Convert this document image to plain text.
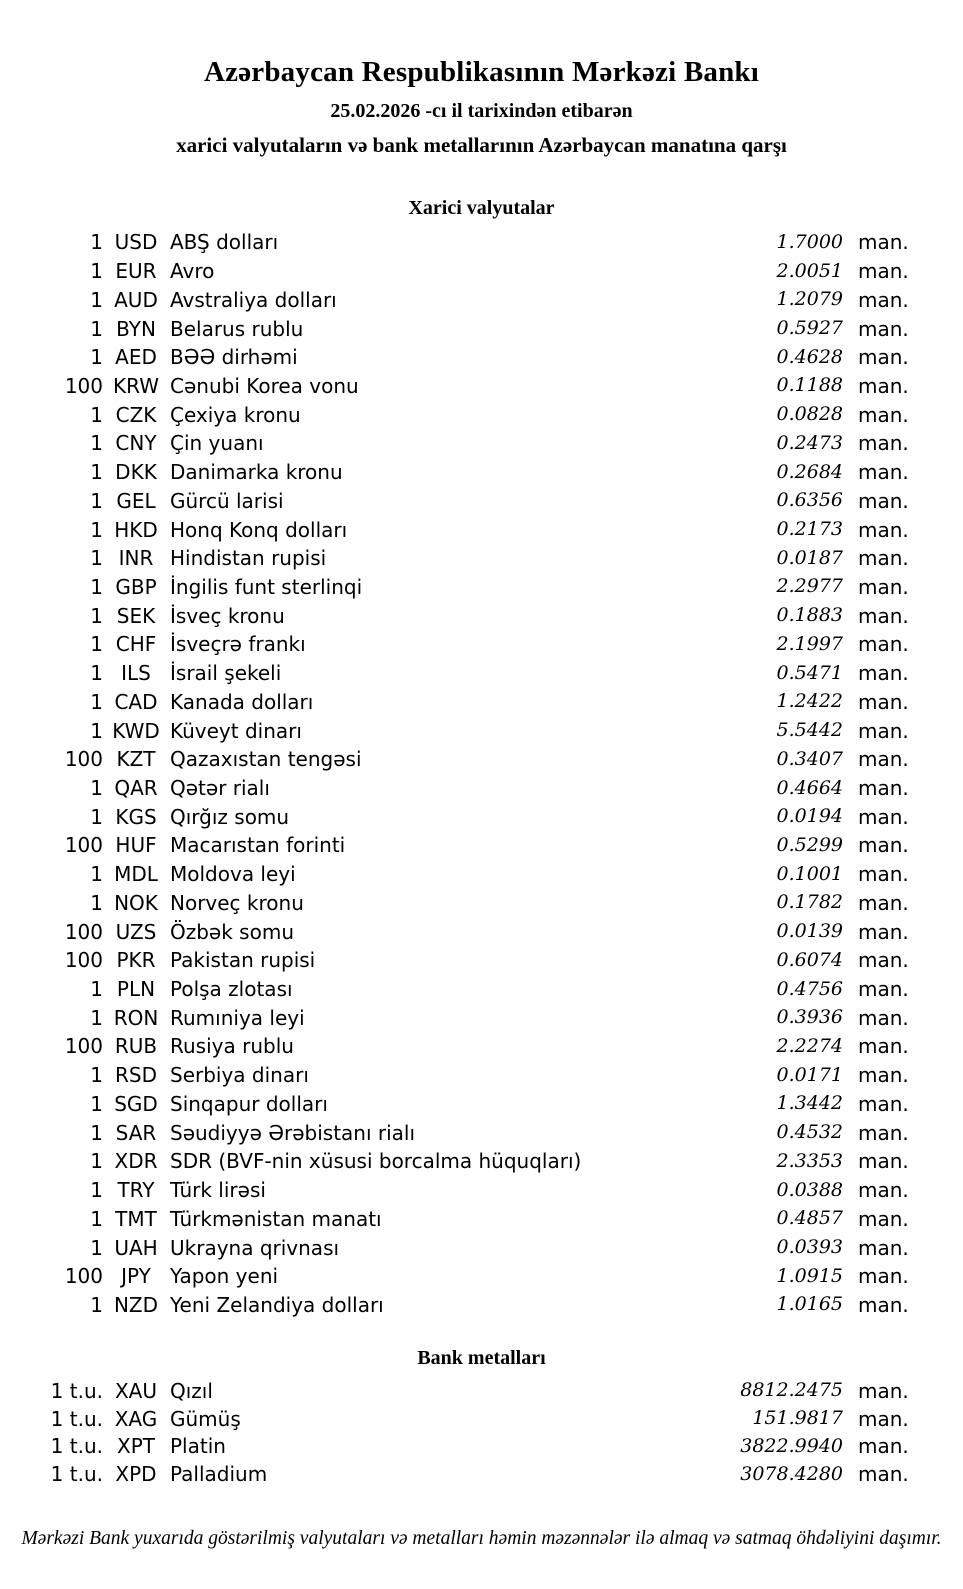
Azərbaycan Respublikasının Mərkəzi Bankı
25.02.2026 -cı il tarixindən etibarən
xarici valyutaların və bank metallarının Azərbaycan manatına qarşı
Xarici valyutalar
1 USD ABŞ dolları	1.7000 man.
1 EUR Avro	2.0051 man.
1 AUD Avstraliya dolları	1.2079 man.
1 BYN Belarus rublu	0.5927 man.
1 AED BƏƏ dirhəmi	0.4628 man.
100 KRW Cənubi Korea vonu	0.1188 man.
1 CZK Çexiya kronu	0.0828 man.
1 CNY Çin yuanı	0.2473 man.
1 DKK Danimarka kronu	0.2684 man.
1 GEL Gürcü larisi	0.6356 man.
1 HKD Honq Konq dolları	0.2173 man.
1 INR Hindistan rupisi	0.0187 man.
1 GBP İngilis funt sterlinqi	2.2977 man.
1 SEK İsveç kronu	0.1883 man.
1 CHF İsveçrə frankı	2.1997 man.
1 ILS İsrail şekeli	0.5471 man.
1 CAD Kanada dolları	1.2422 man.
1 KWD Küveyt dinarı	5.5442 man.
100 KZT Qazaxıstan tengəsi	0.3407 man.
1 QAR Qətər rialı	0.4664 man.
1 KGS Qırğız somu	0.0194 man.
100 HUF Macarıstan forinti	0.5299 man.
1 MDL Moldova leyi	0.1001 man.
1 NOK Norveç kronu	0.1782 man.
100 UZS Özbək somu	0.0139 man.
100 PKR Pakistan rupisi	0.6074 man.
1 PLN Polşa zlotası	0.4756 man.
1 RON Rumıniya leyi	0.3936 man.
100 RUB Rusiya rublu	2.2274 man.
1 RSD Serbiya dinarı	0.0171 man.
1 SGD Sinqapur dolları	1.3442 man.
1 SAR Səudiyyə Ərəbistanı rialı	0.4532 man.
1 XDR SDR (BVF-nin xüsusi borcalma hüquqları)	2.3353 man.
1 TRY Türk lirəsi	0.0388 man.
1 TMT Türkmənistan manatı	0.4857 man.
1 UAH Ukrayna qrivnası	0.0393 man.
100 JPY Yapon yeni	1.0915 man.
1 NZD Yeni Zelandiya dolları	1.0165 man.
Bank metalları
1 t.u. XAU Qızıl	8812.2475 man.
1 t.u. XAG Gümüş	151.9817 man.
1 t.u. XPT Platin	3822.9940 man.
1 t.u. XPD Palladium	3078.4280 man.
Mərkəzi Bank yuxarıda göstərilmiş valyutaları və metalları həmin məzənnələr ilə almaq və satmaq öhdəliyini daşımır.
